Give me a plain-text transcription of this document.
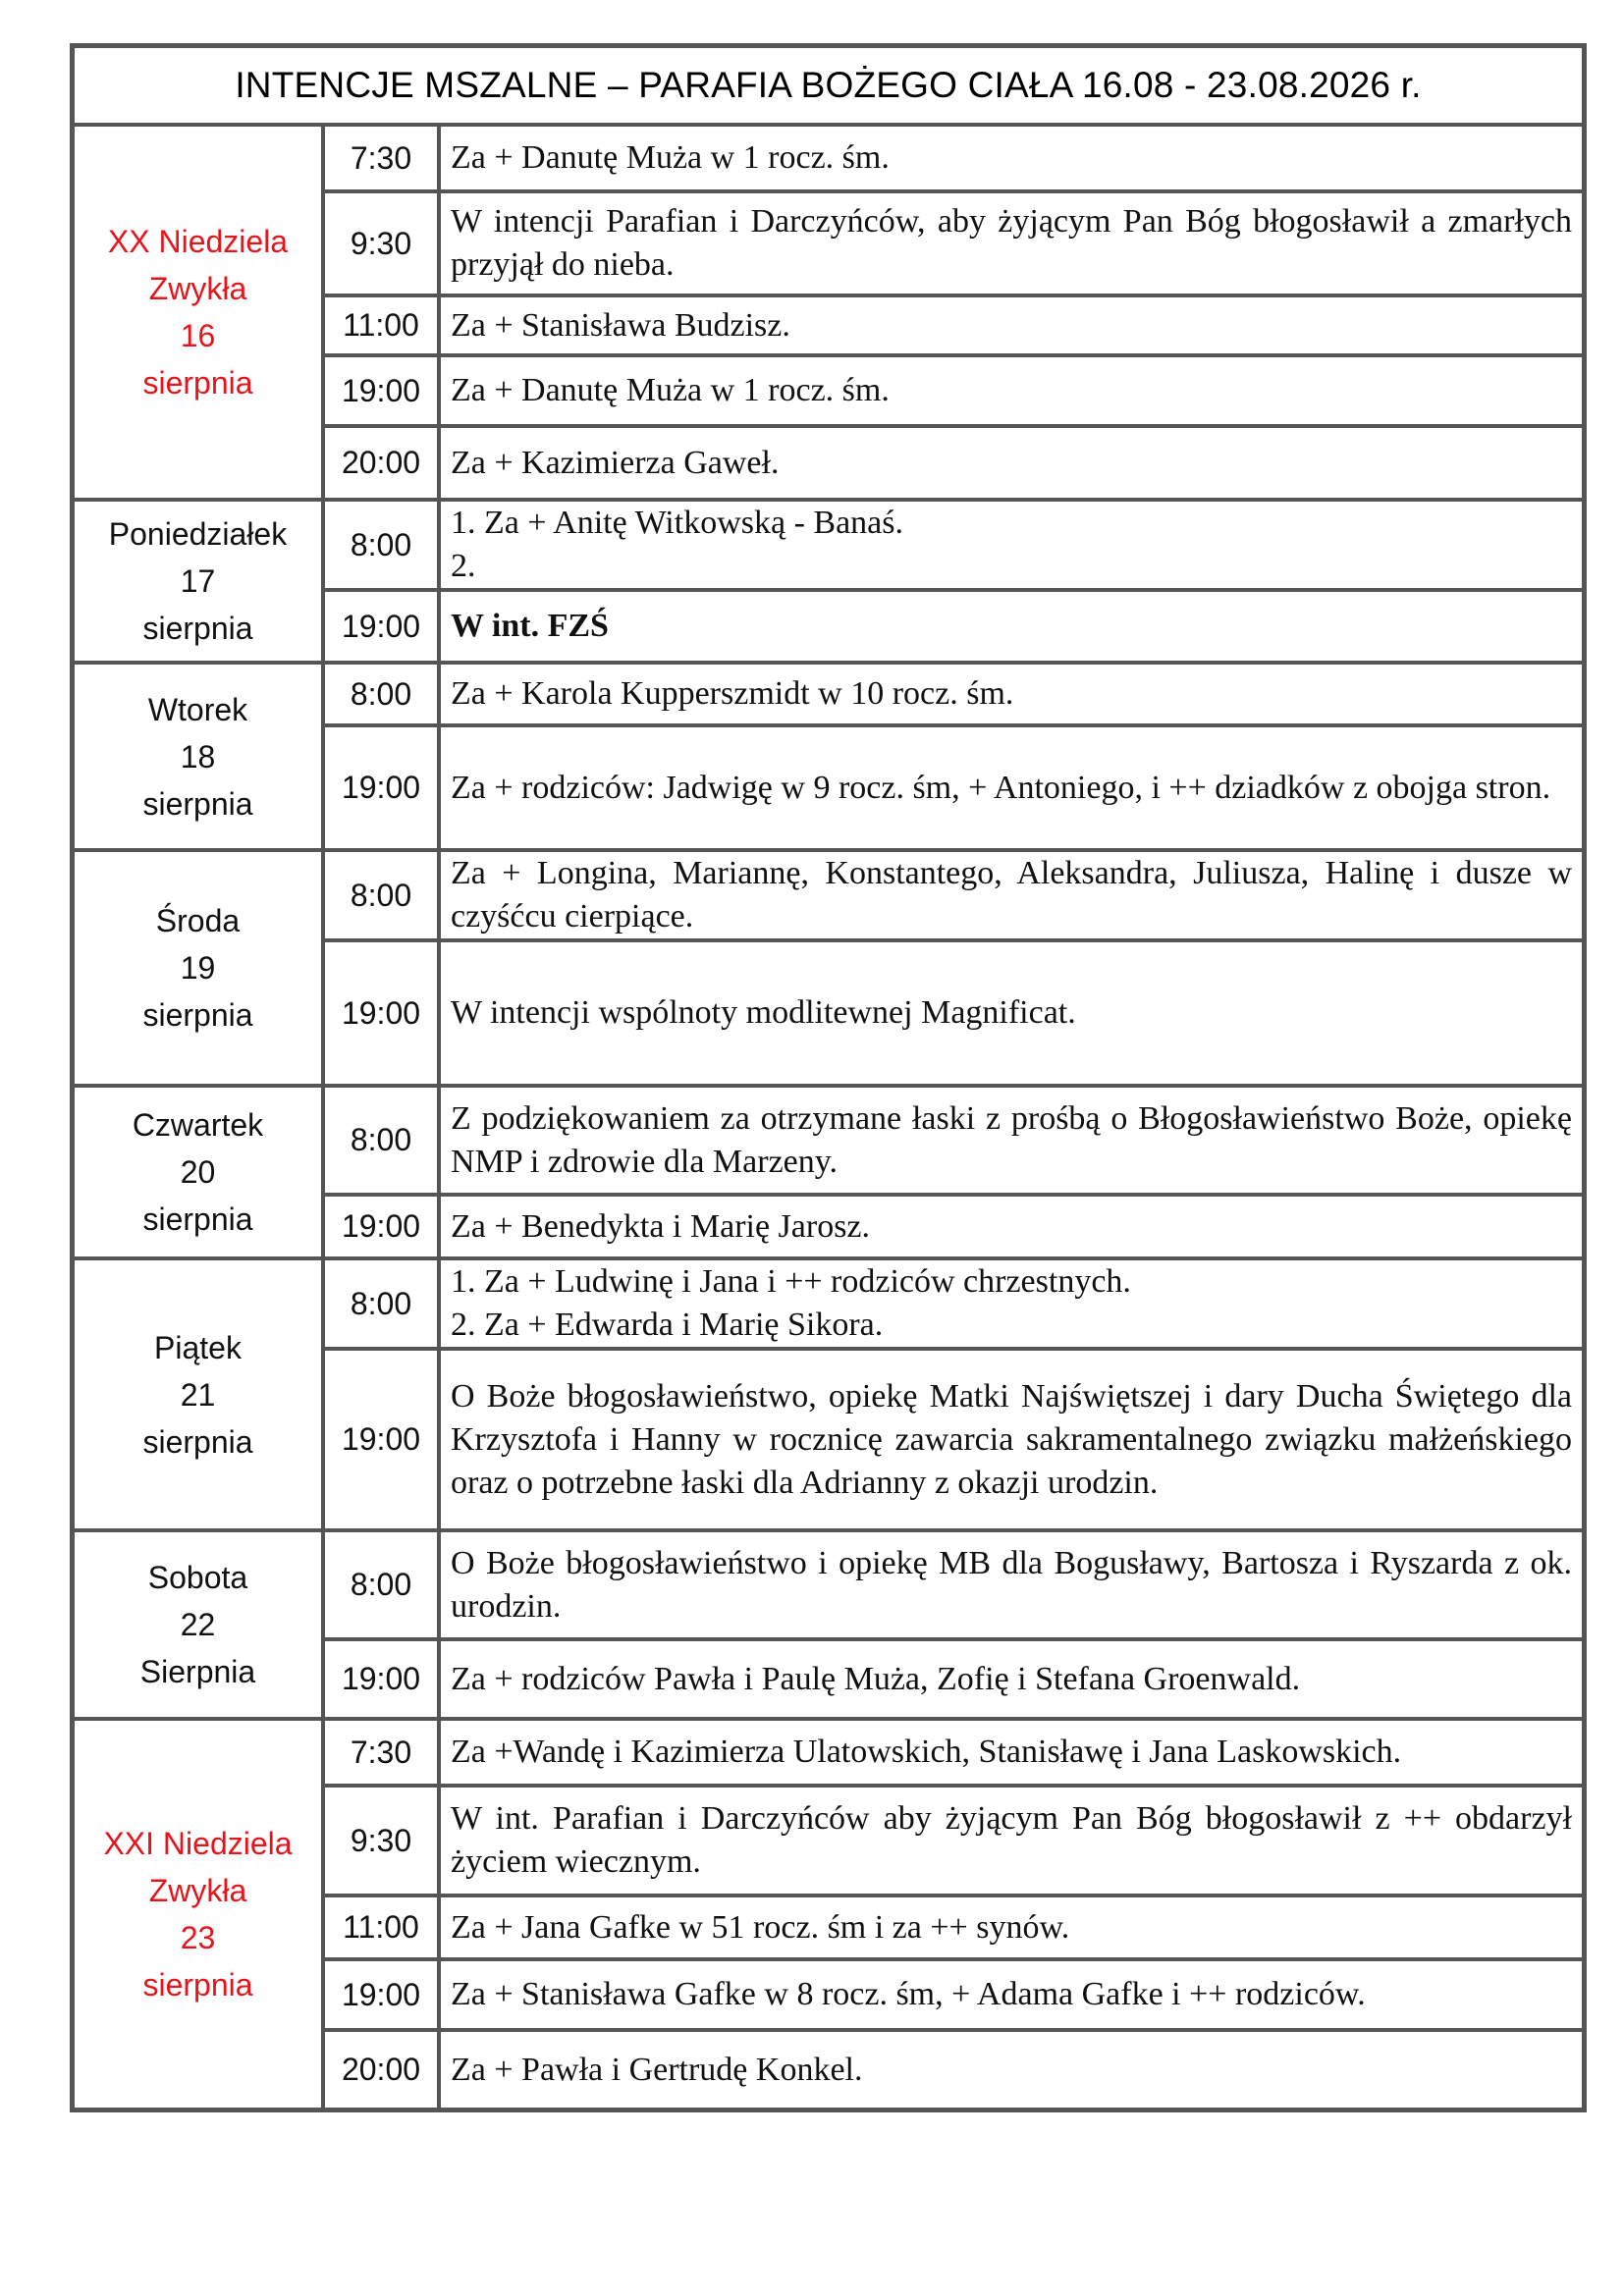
INTENCJE MSZALNE – PARAFIA BOŻEGO CIAŁA 16.08 - 23.08.2026 r.		

XX Niedziela
Zwykła
16
sierpnia	7:30	Za + Danutę Muża w 1 rocz. śm.

	9:30	W intencji Parafian i Darczyńców, aby żyjącym Pan Bóg błogosławił a zmarłych przyjął do nieba.

	11:00	Za + Stanisława Budzisz.

	19:00	Za + Danutę Muża w 1 rocz. śm.

	20:00	Za + Kazimierza Gaweł.

Poniedziałek
17
sierpnia	8:00	1. Za + Anitę Witkowską - Banaś.
2.

	19:00	W int. FZŚ

Wtorek
18
sierpnia	8:00	Za + Karola Kupperszmidt w 10 rocz. śm.

	19:00	Za + rodziców: Jadwigę w 9 rocz. śm, + Antoniego, i ++ dziadków z obojga stron.

Środa
19
sierpnia	8:00	Za + Longina, Mariannę, Konstantego, Aleksandra, Juliusza, Halinę i dusze w czyśćcu cierpiące.

	19:00	W intencji wspólnoty modlitewnej Magnificat.

Czwartek
20
sierpnia	8:00	Z podziękowaniem za otrzymane łaski z prośbą o Błogosławieństwo Boże, opiekę NMP i zdrowie dla Marzeny.

	19:00	Za + Benedykta i Marię Jarosz.

Piątek
21
sierpnia	8:00	1. Za + Ludwinę i Jana i ++ rodziców chrzestnych.
2. Za + Edwarda i Marię Sikora.

	19:00	O Boże błogosławieństwo, opiekę Matki Najświętszej i dary Ducha Świętego dla Krzysztofa i Hanny w rocznicę zawarcia sakramentalnego związku małżeńskiego oraz o potrzebne łaski dla Adrianny z okazji urodzin.

Sobota
22
Sierpnia	8:00	O Boże błogosławieństwo i opiekę MB dla Bogusławy, Bartosza i Ryszarda z ok. urodzin.

	19:00	Za + rodziców Pawła i Paulę Muża, Zofię i Stefana Groenwald.

XXI Niedziela
Zwykła
23
sierpnia	7:30	Za +Wandę i Kazimierza Ulatowskich, Stanisławę i Jana Laskowskich.

	9:30	W int. Parafian i Darczyńców aby żyjącym Pan Bóg błogosławił z ++ obdarzył życiem wiecznym.

	11:00	Za + Jana Gafke w 51 rocz. śm i za ++ synów.

	19:00	Za + Stanisława Gafke w 8 rocz. śm, + Adama Gafke i ++ rodziców.

	20:00	Za + Pawła i Gertrudę Konkel.
